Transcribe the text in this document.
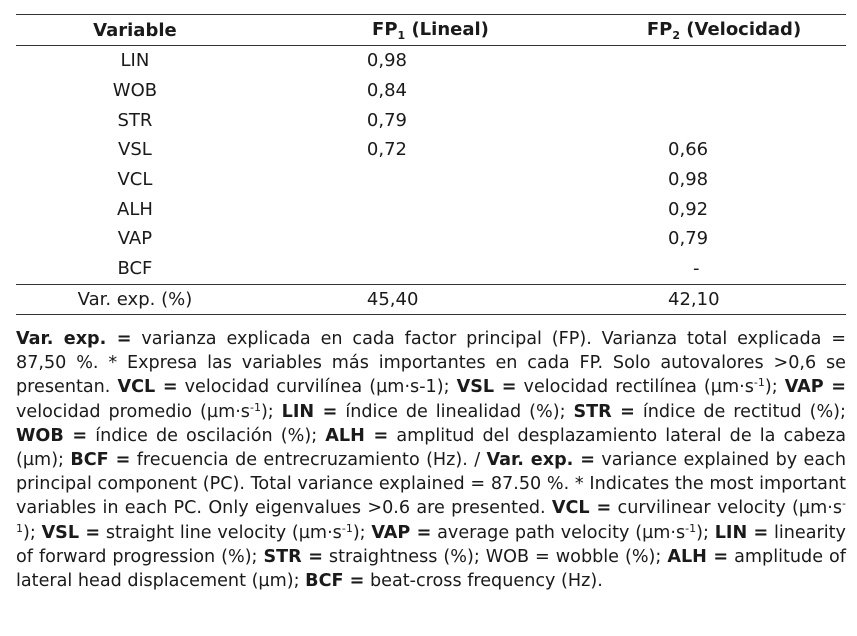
Variable	$FP_1$ (Lineal)	$FP_2$ (Velocidad)
LIN	0,98	
WOB	0,84	
STR	0,79	
VSL	0,72	0,66
VCL		0,98
ALH		0,92
VAP		0,79
BCF		-
Var. exp. (%)	45,40	42,10

Var. exp. = varianza explicada en cada factor principal (FP). Varianza total explicada = 87,50 %. * Expresa las variables más importantes en cada FP. Solo autovalores >0,6 se presentan. VCL = velocidad curvilínea (µm·s-1); VSL = velocidad rectilínea $(\mu m\cdot s^{-1})$; VAP = velocidad promedio $(\mu m\cdot s^{-1})$; LIN = índice de linealidad (%); STR = índice de rectitud (%); WOB = índice de oscilación (%); ALH = amplitud del desplazamiento lateral de la cabeza (µm); BCF = frecuencia de entrecruzamiento (Hz). / Var. exp. = variance explained by each principal component (PC). Total variance explained = 87.50 %. * Indicates the most important variables in each PC. Only eigenvalues >0.6 are presented. VCL = curvilinear velocity $(\mu m\cdot s^{-1})$; VSL = straight line velocity $(\mu m\cdot s^{-1})$; VAP = average path velocity $(\mu m\cdot s^{-1})$; LIN = linearity of forward progression (%); STR = straightness (%); WOB = wobble (%); ALH = amplitude of lateral head displacement (µm); BCF = beat-cross frequency (Hz).
